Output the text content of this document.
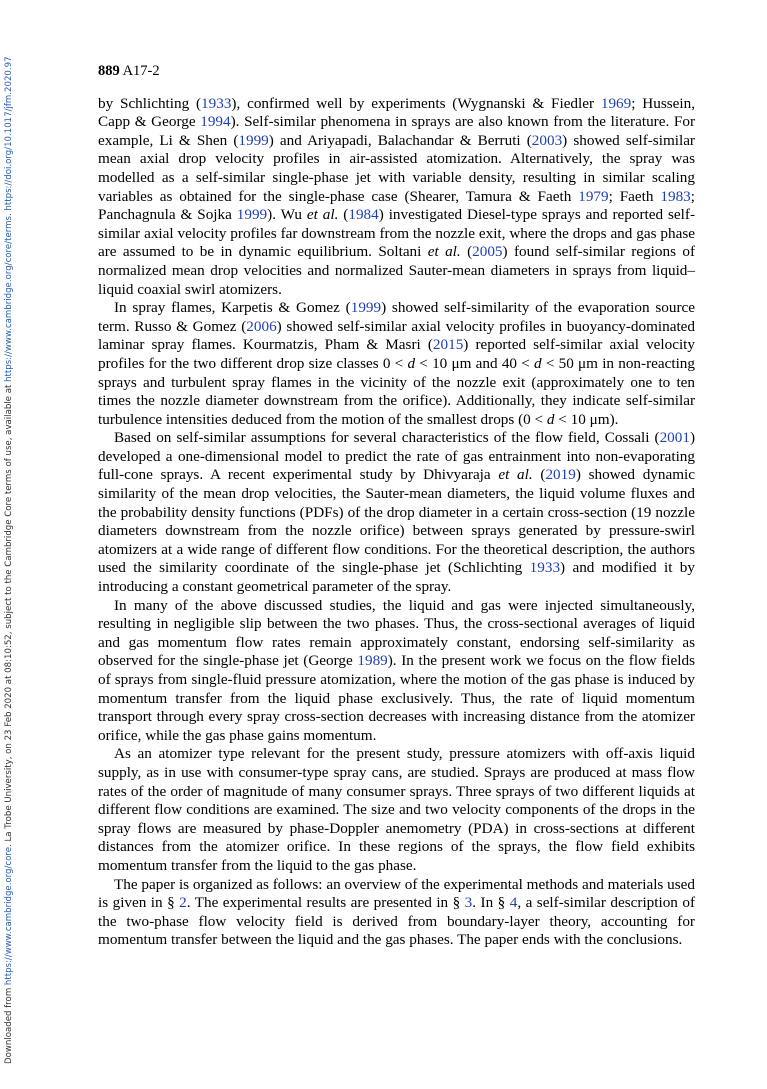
Downloaded from https://www.cambridge.org/core. La Trobe University, on 23 Feb 2020 at 08:10:52, subject to the Cambridge Core terms of use, available at https://www.cambridge.org/core/terms. https://doi.org/10.1017/jfm.2020.97	889 A17-2

by Schlichting (1933), confirmed well by experiments (Wygnanski & Fiedler 1969; Hussein, Capp & George 1994). Self-similar phenomena in sprays are also known from the literature. For example, Li & Shen (1999) and Ariyapadi, Balachandar & Berruti (2003) showed self-similar mean axial drop velocity profiles in air-assisted atomization. Alternatively, the spray was modelled as a self-similar single-phase jet with variable density, resulting in similar scaling variables as obtained for the single-phase case (Shearer, Tamura & Faeth 1979; Faeth 1983; Panchagnula & Sojka 1999). Wu et al. (1984) investigated Diesel-type sprays and reported self-similar axial velocity profiles far downstream from the nozzle exit, where the drops and gas phase are assumed to be in dynamic equilibrium. Soltani et al. (2005) found self-similar regions of normalized mean drop velocities and normalized Sauter-mean diameters in sprays from liquid–liquid coaxial swirl atomizers.

In spray flames, Karpetis & Gomez (1999) showed self-similarity of the evaporation source term. Russo & Gomez (2006) showed self-similar axial velocity profiles in buoyancy-dominated laminar spray flames. Kourmatzis, Pham & Masri (2015) reported self-similar axial velocity profiles for the two different drop size classes 0 < d < 10 μm and 40 < d < 50 μm in non-reacting sprays and turbulent spray flames in the vicinity of the nozzle exit (approximately one to ten times the nozzle diameter downstream from the orifice). Additionally, they indicate self-similar turbulence intensities deduced from the motion of the smallest drops (0 < d < 10 μm).

Based on self-similar assumptions for several characteristics of the flow field, Cossali (2001) developed a one-dimensional model to predict the rate of gas entrainment into non-evaporating full-cone sprays. A recent experimental study by Dhivyaraja et al. (2019) showed dynamic similarity of the mean drop velocities, the Sauter-mean diameters, the liquid volume fluxes and the probability density functions (PDFs) of the drop diameter in a certain cross-section (19 nozzle diameters downstream from the nozzle orifice) between sprays generated by pressure-swirl atomizers at a wide range of different flow conditions. For the theoretical description, the authors used the similarity coordinate of the single-phase jet (Schlichting 1933) and modified it by introducing a constant geometrical parameter of the spray.

In many of the above discussed studies, the liquid and gas were injected simultaneously, resulting in negligible slip between the two phases. Thus, the cross-sectional averages of liquid and gas momentum flow rates remain approximately constant, endorsing self-similarity as observed for the single-phase jet (George 1989). In the present work we focus on the flow fields of sprays from single-fluid pressure atomization, where the motion of the gas phase is induced by momentum transfer from the liquid phase exclusively. Thus, the rate of liquid momentum transport through every spray cross-section decreases with increasing distance from the atomizer orifice, while the gas phase gains momentum.

As an atomizer type relevant for the present study, pressure atomizers with off-axis liquid supply, as in use with consumer-type spray cans, are studied. Sprays are produced at mass flow rates of the order of magnitude of many consumer sprays. Three sprays of two different liquids at different flow conditions are examined. The size and two velocity components of the drops in the spray flows are measured by phase-Doppler anemometry (PDA) in cross-sections at different distances from the atomizer orifice. In these regions of the sprays, the flow field exhibits momentum transfer from the liquid to the gas phase.

The paper is organized as follows: an overview of the experimental methods and materials used is given in § 2. The experimental results are presented in § 3. In § 4, a self-similar description of the two-phase flow velocity field is derived from boundary-layer theory, accounting for momentum transfer between the liquid and the gas phases. The paper ends with the conclusions.
